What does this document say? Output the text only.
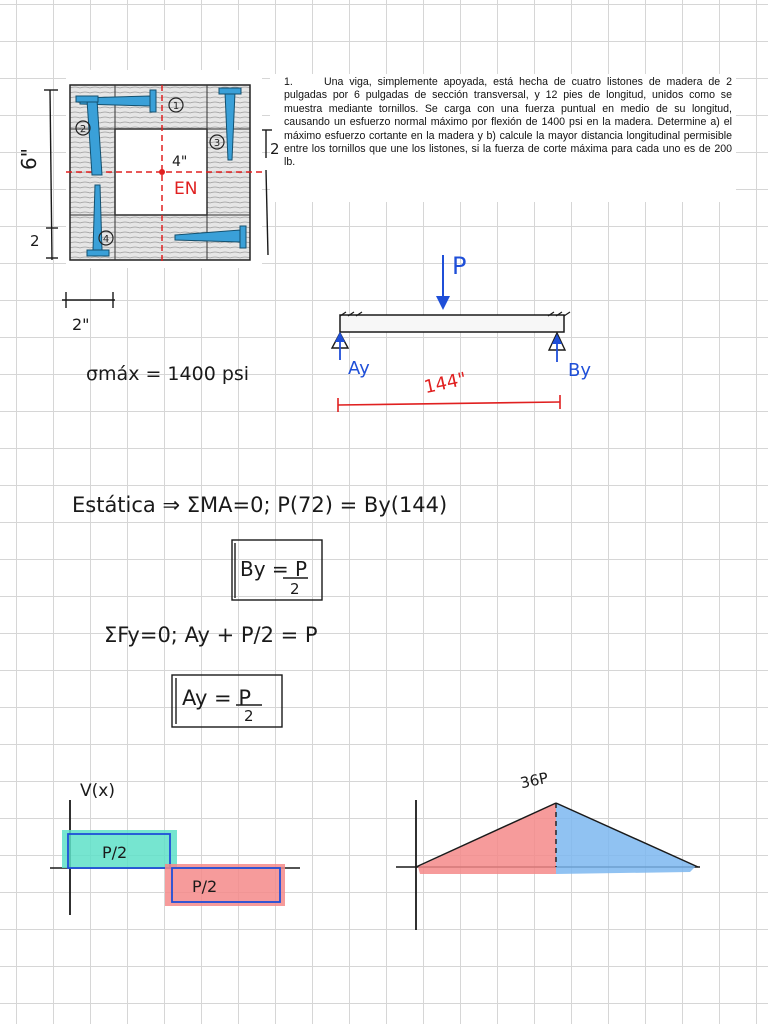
1.	Una viga, simplemente apoyada, está hecha de cuatro listones de madera de 2 pulgadas por 6 pulgadas de sección transversal, y 12 pies de longitud, unidos como se muestra mediante tornillos. Se carga con una fuerza puntual en medio de su longitud, causando un esfuerzo normal máximo por flexión de 1400 psi en la madera. Determine a) el máximo esfuerzo cortante en la madera y b) calcule la mayor distancia longitudinal permisible entre los tornillos que une los listones, si la fuerza de corte máxima para cada uno es de 200 lb.
1
2
3
4
4"
EN
6"
2
2
2"
σmáx = 1400 psi
P
Ay	By
144"
Estática ⇒ ΣMA=0; P(72) = By(144)
By = P
2
ΣFy=0; Ay + P/2 = P
Ay = P
2
V(x)
P/2
P/2
36P
